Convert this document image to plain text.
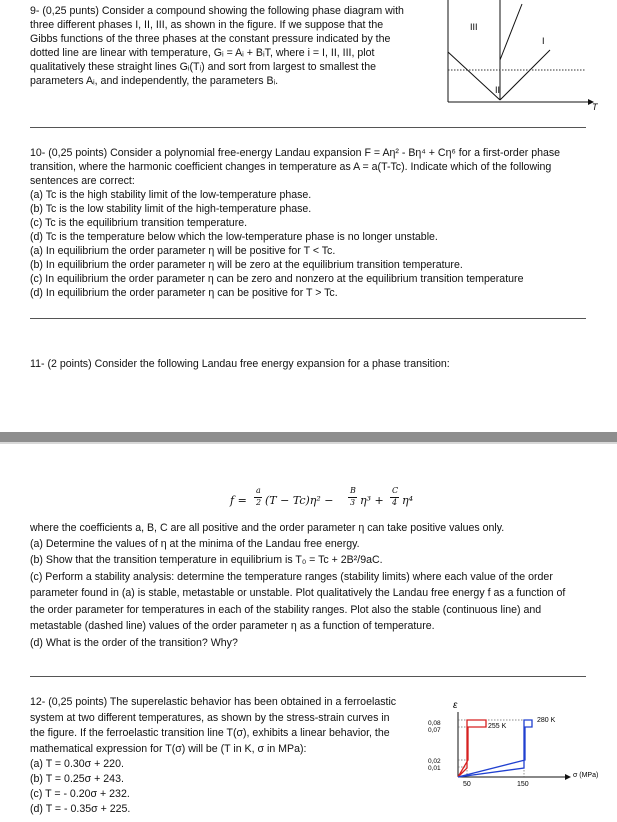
9- (0,25 punts) Consider a compound showing the following phase diagram with
three different phases I, II, III, as shown in the figure. If we suppose that the
Gibbs functions of the three phases at the constant pressure indicated by the
dotted line are linear with temperature, Gᵢ = Aᵢ + BᵢT, where i = I, II, III, plot
qualitatively these straight lines Gᵢ(Tᵢ) and sort from largest to smallest the
parameters Aᵢ, and independently, the parameters Bᵢ.
III
I
II
T
10- (0,25 points) Consider a polynomial free-energy Landau expansion F = Aη² - Bη⁴ + Cη⁶ for a first-order phase
transition, where the harmonic coefficient changes in temperature as A = a(T-Tc). Indicate which of the following
sentences are correct:
(a) Tc is the high stability limit of the low-temperature phase.
(b) Tc is the low stability limit of the high-temperature phase.
(c) Tc is the equilibrium transition temperature.
(d) Tc is the temperature below which the low-temperature phase is no longer unstable.
(a) In equilibrium the order parameter η will be positive for T < Tc.
(b) In equilibrium the order parameter η will be zero at the equilibrium transition temperature.
(c) In equilibrium the order parameter η can be zero and nonzero at the equilibrium transition temperature
(d) In equilibrium the order parameter η can be positive for T > Tc.
11- (2 points) Consider the following Landau free energy expansion for a phase transition:
f =
a
2 (T − Tc)η² −
B
3 η³ +
C
4 η⁴
where the coefficients a, B, C are all positive and the order parameter η can take positive values only.
(a) Determine the values of η at the minima of the Landau free energy.
(b) Show that the transition temperature in equilibrium is T₀ = Tc + 2B²/9aC.
(c) Perform a stability analysis: determine the temperature ranges (stability limits) where each value of the order
parameter found in (a) is stable, metastable or unstable. Plot qualitatively the Landau free energy f as a function of
the order parameter for temperatures in each of the stability ranges. Plot also the stable (continuous line) and
metastable (dashed line) values of the order parameter η as a function of temperature.
(d) What is the order of the transition? Why?
12- (0,25 points) The superelastic behavior has been obtained in a ferroelastic
system at two different temperatures, as shown by the stress-strain curves in
the figure. If the ferroelastic transition line T(σ), exhibits a linear behavior, the
mathematical expression for T(σ) will be (T in K, σ in MPa):
(a) T = 0.30σ + 220.
(b) T = 0.25σ + 243.
(c) T = - 0.20σ + 232.
(d) T = - 0.35σ + 225.
ε
σ (MPa)
0,08
0,07
0,02
0,01
50	150
255 K
280 K
